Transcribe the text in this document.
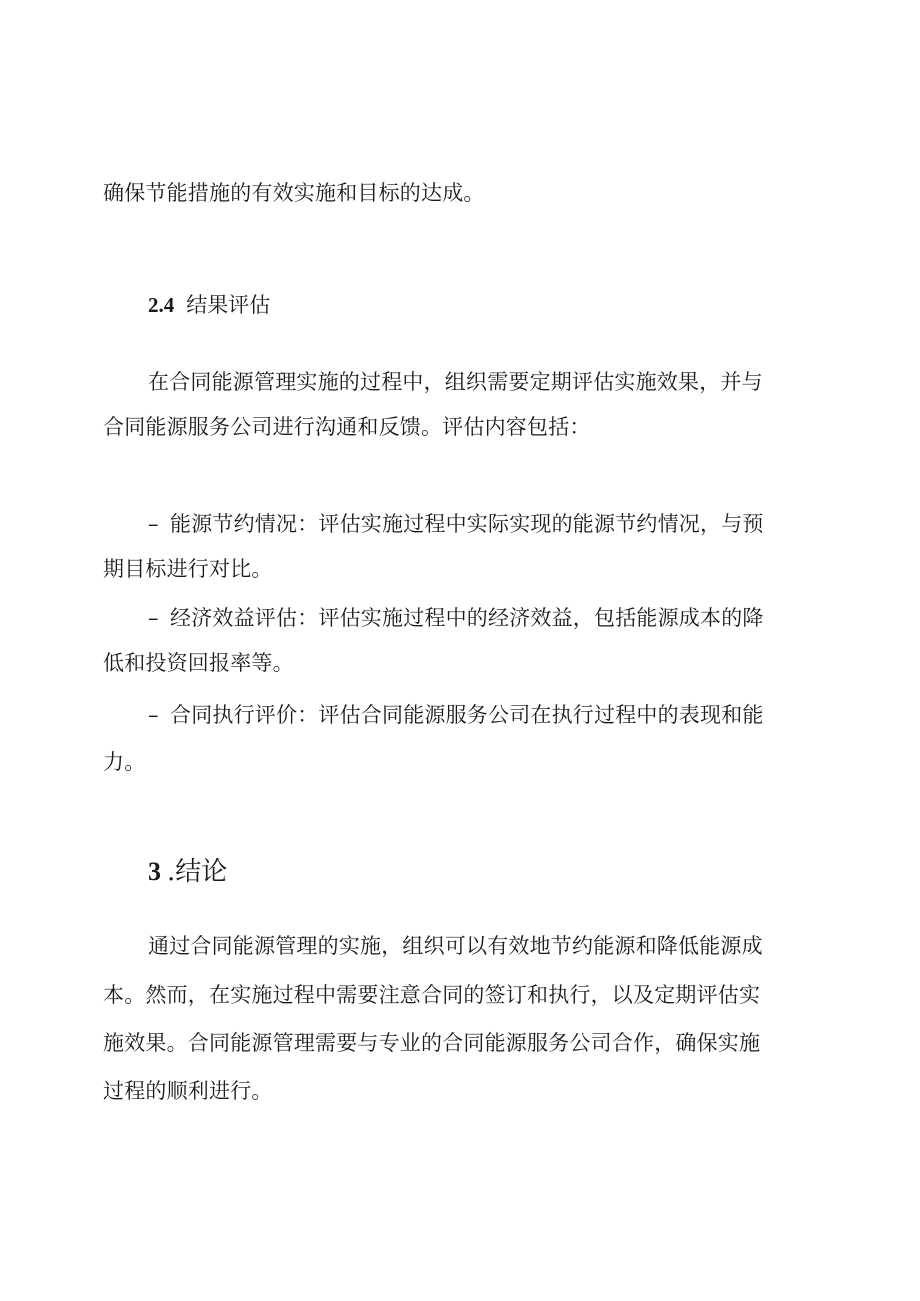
确保节能措施的有效实施和目标的达成。
2.4 结果评估
在合同能源管理实施的过程中，组织需要定期评估实施效果，并与
合同能源服务公司进行沟通和反馈。评估内容包括：
– 能源节约情况：评估实施过程中实际实现的能源节约情况，与预
期目标进行对比。
– 经济效益评估：评估实施过程中的经济效益，包括能源成本的降
低和投资回报率等。
– 合同执行评价：评估合同能源服务公司在执行过程中的表现和能
力。
3 .结论
通过合同能源管理的实施，组织可以有效地节约能源和降低能源成
本。然而，在实施过程中需要注意合同的签订和执行，以及定期评估实
施效果。合同能源管理需要与专业的合同能源服务公司合作，确保实施
过程的顺利进行。
